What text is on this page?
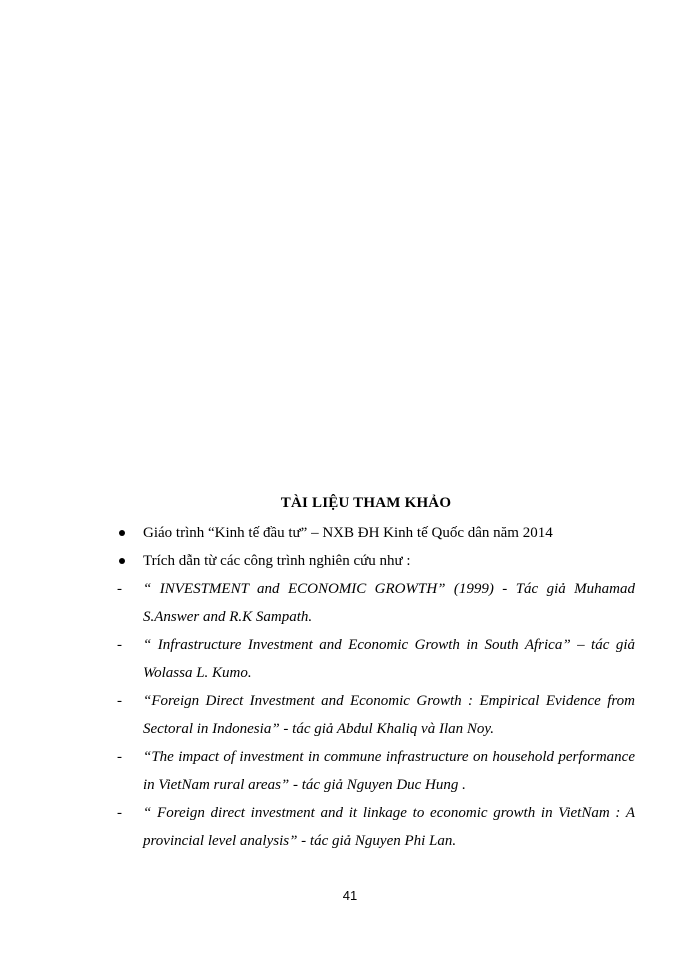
TÀI LIỆU THAM KHẢO
Giáo trình “Kinh tế đầu tư” – NXB ĐH Kinh tế Quốc dân năm 2014
Trích dẫn từ các công trình nghiên cứu như :
- “ INVESTMENT and ECONOMIC GROWTH” (1999) - Tác giả Muhamad S.Answer and R.K Sampath.
- “ Infrastructure Investment and Economic Growth in South Africa” – tác giả Wolassa L. Kumo.
- “Foreign Direct Investment and Economic Growth : Empirical Evidence from Sectoral in Indonesia” - tác giả Abdul Khaliq và Ilan Noy.
- “The impact of investment in commune infrastructure on household performance in VietNam rural areas” - tác giả Nguyen Duc Hung .
- “ Foreign direct investment and it linkage to economic growth in VietNam : A provincial level analysis” - tác giả Nguyen Phi Lan.
41
